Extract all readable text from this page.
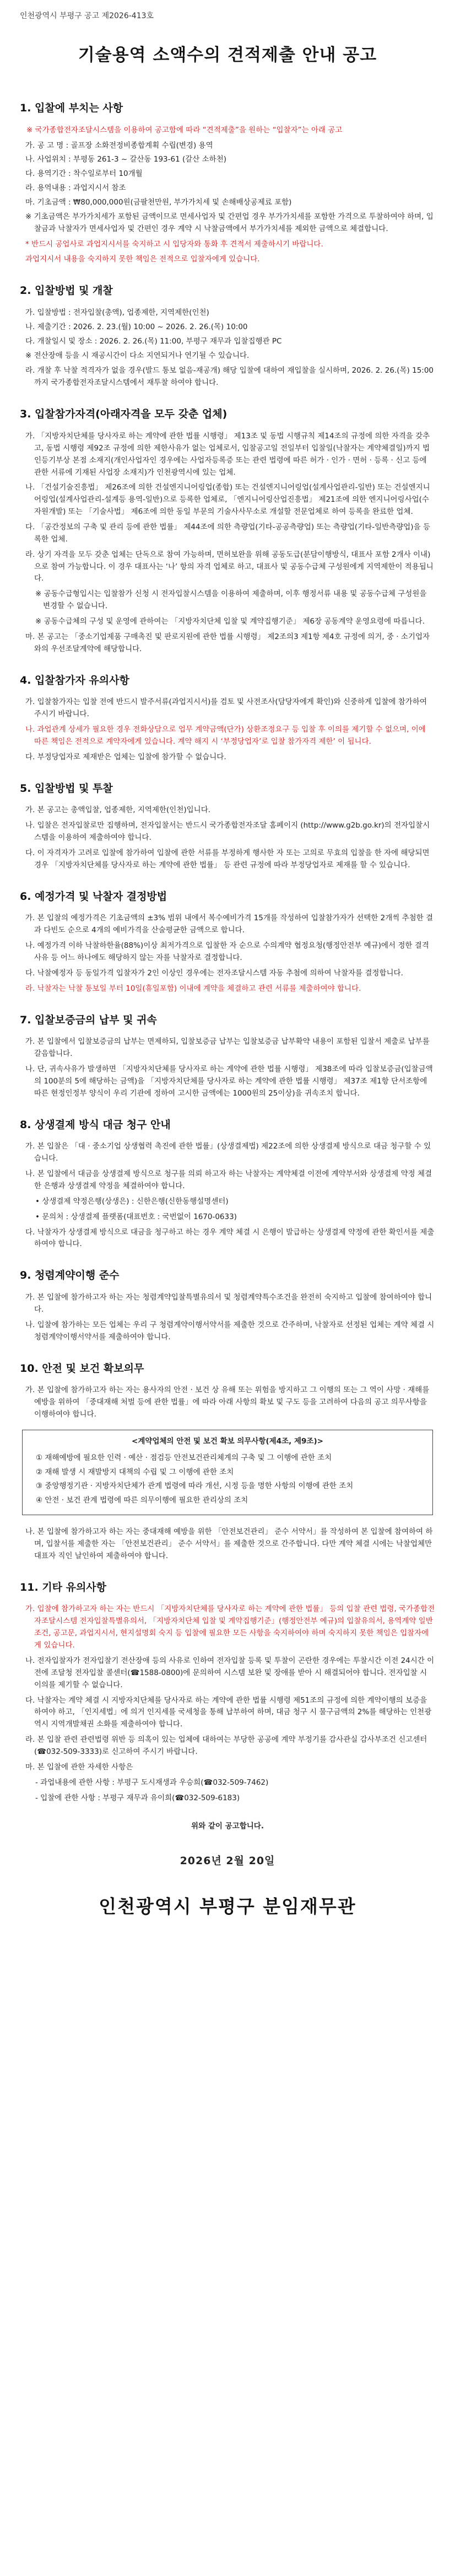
인천광역시 부평구 공고 제2026-413호
기술용역 소액수의 견적제출 안내 공고
1. 입찰에 부치는 사항
※ 국가종합전자조달시스템을 이용하여 공고함에 따라 “견적제출”을 원하는 “입찰자”는 아래 공고
가. 공 고 명 : 골프장 소화전정비종합계획 수립(변경) 용역
나. 사업위치 : 부평동 261-3 ~ 갈산동 193-61 (갈산 소하천)
다. 용역기간 : 착수일로부터 10개월
라. 용역내용 : 과업지시서 참조
마. 기초금액 : ₩80,000,000원(금팔천만원, 부가가치세 및 손해배상공제료 포함)
※ 기초금액은 부가가치세가 포함된 금액이므로 면세사업자 및 간편업 경우 부가가치세를 포함한 가격으로 투찰하여야 하며, 입찰금과 낙찰자가 면세사업자 및 간편인 경우 계약 시 낙찰금액에서 부가가치세를 제외한 금액으로 체결합니다.
* 반드시 공업사로 과업지시서를 숙지하고 시 입당자와 통화 후 견적서 제출하시기 바랍니다.
과업지시서 내용을 숙지하지 못한 책임은 전적으로 입찰자에게 있습니다.
2. 입찰방법 및 개찰
가. 입찰방법 : 전자입찰(총액), 업종제한, 지역제한(인천)
나. 제출기간 : 2026. 2. 23.(월) 10:00 ~ 2026. 2. 26.(목) 10:00
다. 개찰일시 및 장소 : 2026. 2. 26.(목) 11:00, 부평구 재무과 입찰집행관 PC
※ 전산장애 등을 시 재공시간이 다소 지연되거나 연기될 수 있습니다.
라. 개찰 후 낙찰 적격자가 없을 경우(발드 통보 없음-재공개) 해당 입찰에 대하여 재입찰을 실시하며, 2026. 2. 26.(목) 15:00까지 국가종합전자조달시스템에서 재투찰 하여야 합니다.
3. 입찰참가자격(아래자격을 모두 갖춘 업체)
가. 「지방자치단체를 당사자로 하는 계약에 관한 법률 시행령」 제13조 및 동법 시행규칙 제14조의 규정에 의한 자격을 갖추고, 동법 시행령 제92조 규정에 의한 제한사유가 없는 업체로서, 입찰공고일 전일부터 입찰일(낙찰자는 계약체결일)까지 법인등기부상 본점 소재지(개인사업자인 경우에는 사업자등록증 또는 관련 법령에 따른 허가 · 인가 · 면허 · 등록 · 신고 등에 관한 서류에 기재된 사업장 소재지)가 인천광역시에 있는 업체.
나. 「건설기술진흥법」 제26조에 의한 건설엔지니어링업(종합) 또는 건설엔지니어링업(설계사업관리-일반) 또는 건설엔지니어링업(설계사업관리-설계등 용역-일반)으로 등록한 업체로, 「엔지니어링산업진흥법」 제21조에 의한 엔지니어링사업(수자원개발) 또는 「기술사법」 제6조에 의한 동일 부문의 기술사사무소로 개설할 전문업체로 하여 등록을 완료한 업체.
다. 「공간정보의 구축 및 관리 등에 관한 법률」 제44조에 의한 측량업(기타-공공측량업) 또는 측량업(기타-일반측량업)을 등록한 업체.
라. 상기 자격을 모두 갖춘 업체는 단독으로 참여 가능하며, 면허보완을 위해 공동도급(분담이행방식, 대표사 포함 2개사 이내)으로 참여 가능합니다. 이 경우 대표사는 ‘나’ 항의 자격 업체로 하고, 대표사 및 공동수급체 구성원에게 지역제한이 적용됩니다.
※ 공동수급형입시는 입찰참가 신청 시 전자입찰시스템을 이용하여 제출하며, 이후 행정서류 내용 및 공동수급체 구성원을 변경할 수 없습니다.
※ 공동수급체의 구성 및 운영에 관하여는 「지방자치단체 입찰 및 계약집행기준」 제6장 공동계약 운영요령에 따릅니다.
마. 본 공고는 「중소기업제품 구매촉진 및 판로지원에 관한 법률 시행령」 제2조의3 제1항 제4호 규정에 의거, 중 · 소기업자와의 우선조달계약에 해당합니다.
4. 입찰참가자 유의사항
가. 입찰참가자는 입찰 전에 반드시 발주서류(과업지시서)를 검토 및 사전조사(담당자에게 확인)와 신중하게 입찰에 참가하여 주시기 바랍니다.
나. 과업관계 상세가 필요한 경우 전화상담으로 업무 계약금액(단가) 상환조정요구 등 입찰 후 이의를 제기할 수 없으며, 이에 따른 책임은 전적으로 계약자에게 있습니다. 계약 해지 시 ‘부정당업자’로 입찰 참가자격 제한’ 이 됩니다.
다. 부정당업자로 제재받은 업체는 입찰에 참가할 수 없습니다.
5. 입찰방법 및 투찰
가. 본 공고는 총액입찰, 업종제한, 지역제한(인천)입니다.
나. 입찰은 전자입찰로만 집행하며, 전자입찰서는 반드시 국가종합전자조달 홈페이지 (http://www.g2b.go.kr)의 전자입찰시스템을 이용하여 제출하여야 합니다.
다. 이 자격자가 고려로 입찰에 참가하여 입찰에 관한 서류를 부정하게 행사한 자 또는 고의로 무효의 입찰을 한 자에 해당되면 경우 「지방자치단체를 당사자로 하는 계약에 관한 법률」 등 관련 규정에 따라 부정당업자로 제재를 할 수 있습니다.
6. 예정가격 및 낙찰자 결정방법
가. 본 입찰의 예정가격은 기초금액의 ±3% 범위 내에서 복수예비가격 15개를 작성하여 입찰참가자가 선택한 2개씩 추첨한 결과 다빈도 순으로 4개의 예비가격을 산술평균한 금액으로 합니다.
나. 예정가격 이하 낙찰하한율(88%)이상 최저가격으로 입찰한 자 순으로 수의계약 협정요청(행정안전부 예규)에서 정한 결격사유 등 어느 하나에도 해당하지 않는 자를 낙찰자로 결정합니다.
다. 낙찰예정자 등 동일가격 입찰자가 2인 이상인 경우에는 전자조달시스템 자동 추첨에 의하여 낙찰자를 결정합니다.
라. 낙찰자는 낙찰 통보일 부터 10일(휴일포함) 이내에 계약을 체결하고 관련 서류를 제출하여야 합니다.
7. 입찰보증금의 납부 및 귀속
가. 본 입찰에서 입찰보증금의 납부는 면제하되, 입찰보증금 납부는 입찰보증금 납부확약 내용이 포함된 입찰서 제출로 납부를 갈음합니다.
나. 단, 귀속사유가 발생하면 「지방자치단체를 당사자로 하는 계약에 관한 법률 시행령」 제38조에 따라 입찰보증금(입찰금액의 100분의 5에 해당하는 금액)을 「지방자치단체를 당사자로 하는 계약에 관한 법률 시행령」 제37조 제1항 단서조항에 따른 현정인정부 양식이 우리 기관에 정하여 고시한 금액에는 1000원의 25이상)을 귀속조치 합니다.
8. 상생결제 방식 대금 청구 안내
가. 본 입찰은 「대 · 중소기업 상생협력 촉진에 관한 법률」(상생결제법) 제22조에 의한 상생결제 방식으로 대금 청구할 수 있습니다.
나. 본 입찰에서 대금을 상생결제 방식으로 청구를 의뢰 하고자 하는 낙찰자는 계약체결 이전에 계약부서와 상생결제 약정 체결한 은행과 상생결제 약정을 체결하여야 합니다.
• 상생결제 약정은행(상생은) : 신한은행(신한동행설명센터)
• 문의처 : 상생결제 플랫폼(대표번호 : 국번없이 1670-0633)
다. 낙찰자가 상생결제 방식으로 대금을 청구하고 하는 경우 계약 체결 시 은행이 발급하는 상생결제 약정에 관한 확인서를 제출하여야 합니다.
9. 청렴계약이행 준수
가. 본 입찰에 참가하고자 하는 자는 청렴계약입찰특별유의서 및 청렴계약특수조건을 완전히 숙지하고 입찰에 참여하여야 합니다.
나. 입찰에 참가하는 모든 업체는 우리 구 청렴계약이행서약서를 제출한 것으로 간주하며, 낙찰자로 선정된 업체는 계약 체결 시 청렴계약이행서약서를 제출하여야 합니다.
10. 안전 및 보건 확보의무
가. 본 입찰에 참가하고자 하는 자는 용사자의 안전 · 보건 상 유해 또는 위험을 방지하고 그 이행의 또는 그 역이 사망 · 재해를 예방을 위하여 「중대재해 처벌 등에 관한 법률」에 따라 아래 사항의 확보 및 구도 등을 고려하여 다음의 공고 의무사항을 이행하여야 합니다.
<계약업체의 안전 및 보건 확보 의무사항(제4조, 제9조)>
① 재해예방에 필요한 인력 · 예산 · 점검등 안전보건관리체계의 구축 및 그 이행에 관한 조치
② 재해 발생 시 재발방지 대책의 수립 및 그 이행에 관한 조치
③ 중앙행정기관 · 지방자치단체가 관계 법령에 따라 개선, 시정 등을 명한 사항의 이행에 관한 조치
④ 안전 · 보건 관계 법령에 따른 의무이행에 필요한 관리상의 조치
나. 본 입찰에 참가하고자 하는 자는 중대재해 예방을 위한 「안전보건관리」 준수 서약서」를 작성하여 본 입찰에 참여하여 하며, 입찰서를 제출한 자는 「안전보건관리」 준수 서약서」를 제출한 것으로 간주합니다. 다만 계약 체결 시에는 낙찰업체만 대표자 직인 날인하여 제출하여야 합니다.
11. 기타 유의사항
가. 입찰에 참가하고자 하는 자는 반드시 「지방자치단체를 당사자로 하는 계약에 관한 법률」 등의 입찰 관련 법령, 국가종합전자조달시스템 전자입찰특별유의서, 「지방자치단체 입찰 및 계약집행기준」(행정안전부 예규)의 입찰유의서, 용역계약 일반조건, 공고문, 과업지시서, 현지설명회 숙지 등 입찰에 필요한 모든 사항을 숙지하여야 하며 숙지하지 못한 책임은 입찰자에게 있습니다.
나. 전자입찰자가 전자입찰기 전산장애 등의 사유로 인하여 전자입찰 등록 및 투찰이 곤란한 경우에는 투찰시간 이전 24시간 이전에 조달청 전자입찰 콜센터(☎1588-0800)에 문의하여 시스템 보완 및 장애를 받아 시 해결되어야 합니다. 전자입찰 시 이의를 제기할 수 없습니다.
다. 낙찰자는 계약 체결 시 지방자치단체를 당사자로 하는 계약에 관한 법률 시행령 제51조의 규정에 의한 계약이행의 보증을 하여야 하고, 「인지세법」에 의거 인지세를 국세청을 통해 납부하여 하며, 대금 청구 시 물구금액의 2%를 해당하는 인천광역시 지역개발채권 소화를 제출하여야 합니다.
라. 본 입찰 관련 관련법령 위반 등 의혹이 있는 업체에 대하여는 부당한 공공에 계약 부정기를 감사관실 감사부조건 신고센터(☎032-509-3333)로 신고하여 주시기 바랍니다.
마. 본 입찰에 관한 자세한 사항은
- 과업내용에 관한 사항 : 부평구 도시재생과 우승희(☎032-509-7462)
- 입찰에 관한 사항 : 부평구 재무과 유이희(☎032-509-6183)
위와 같이 공고합니다.
2026년 2월 20일
인천광역시 부평구 분임재무관
